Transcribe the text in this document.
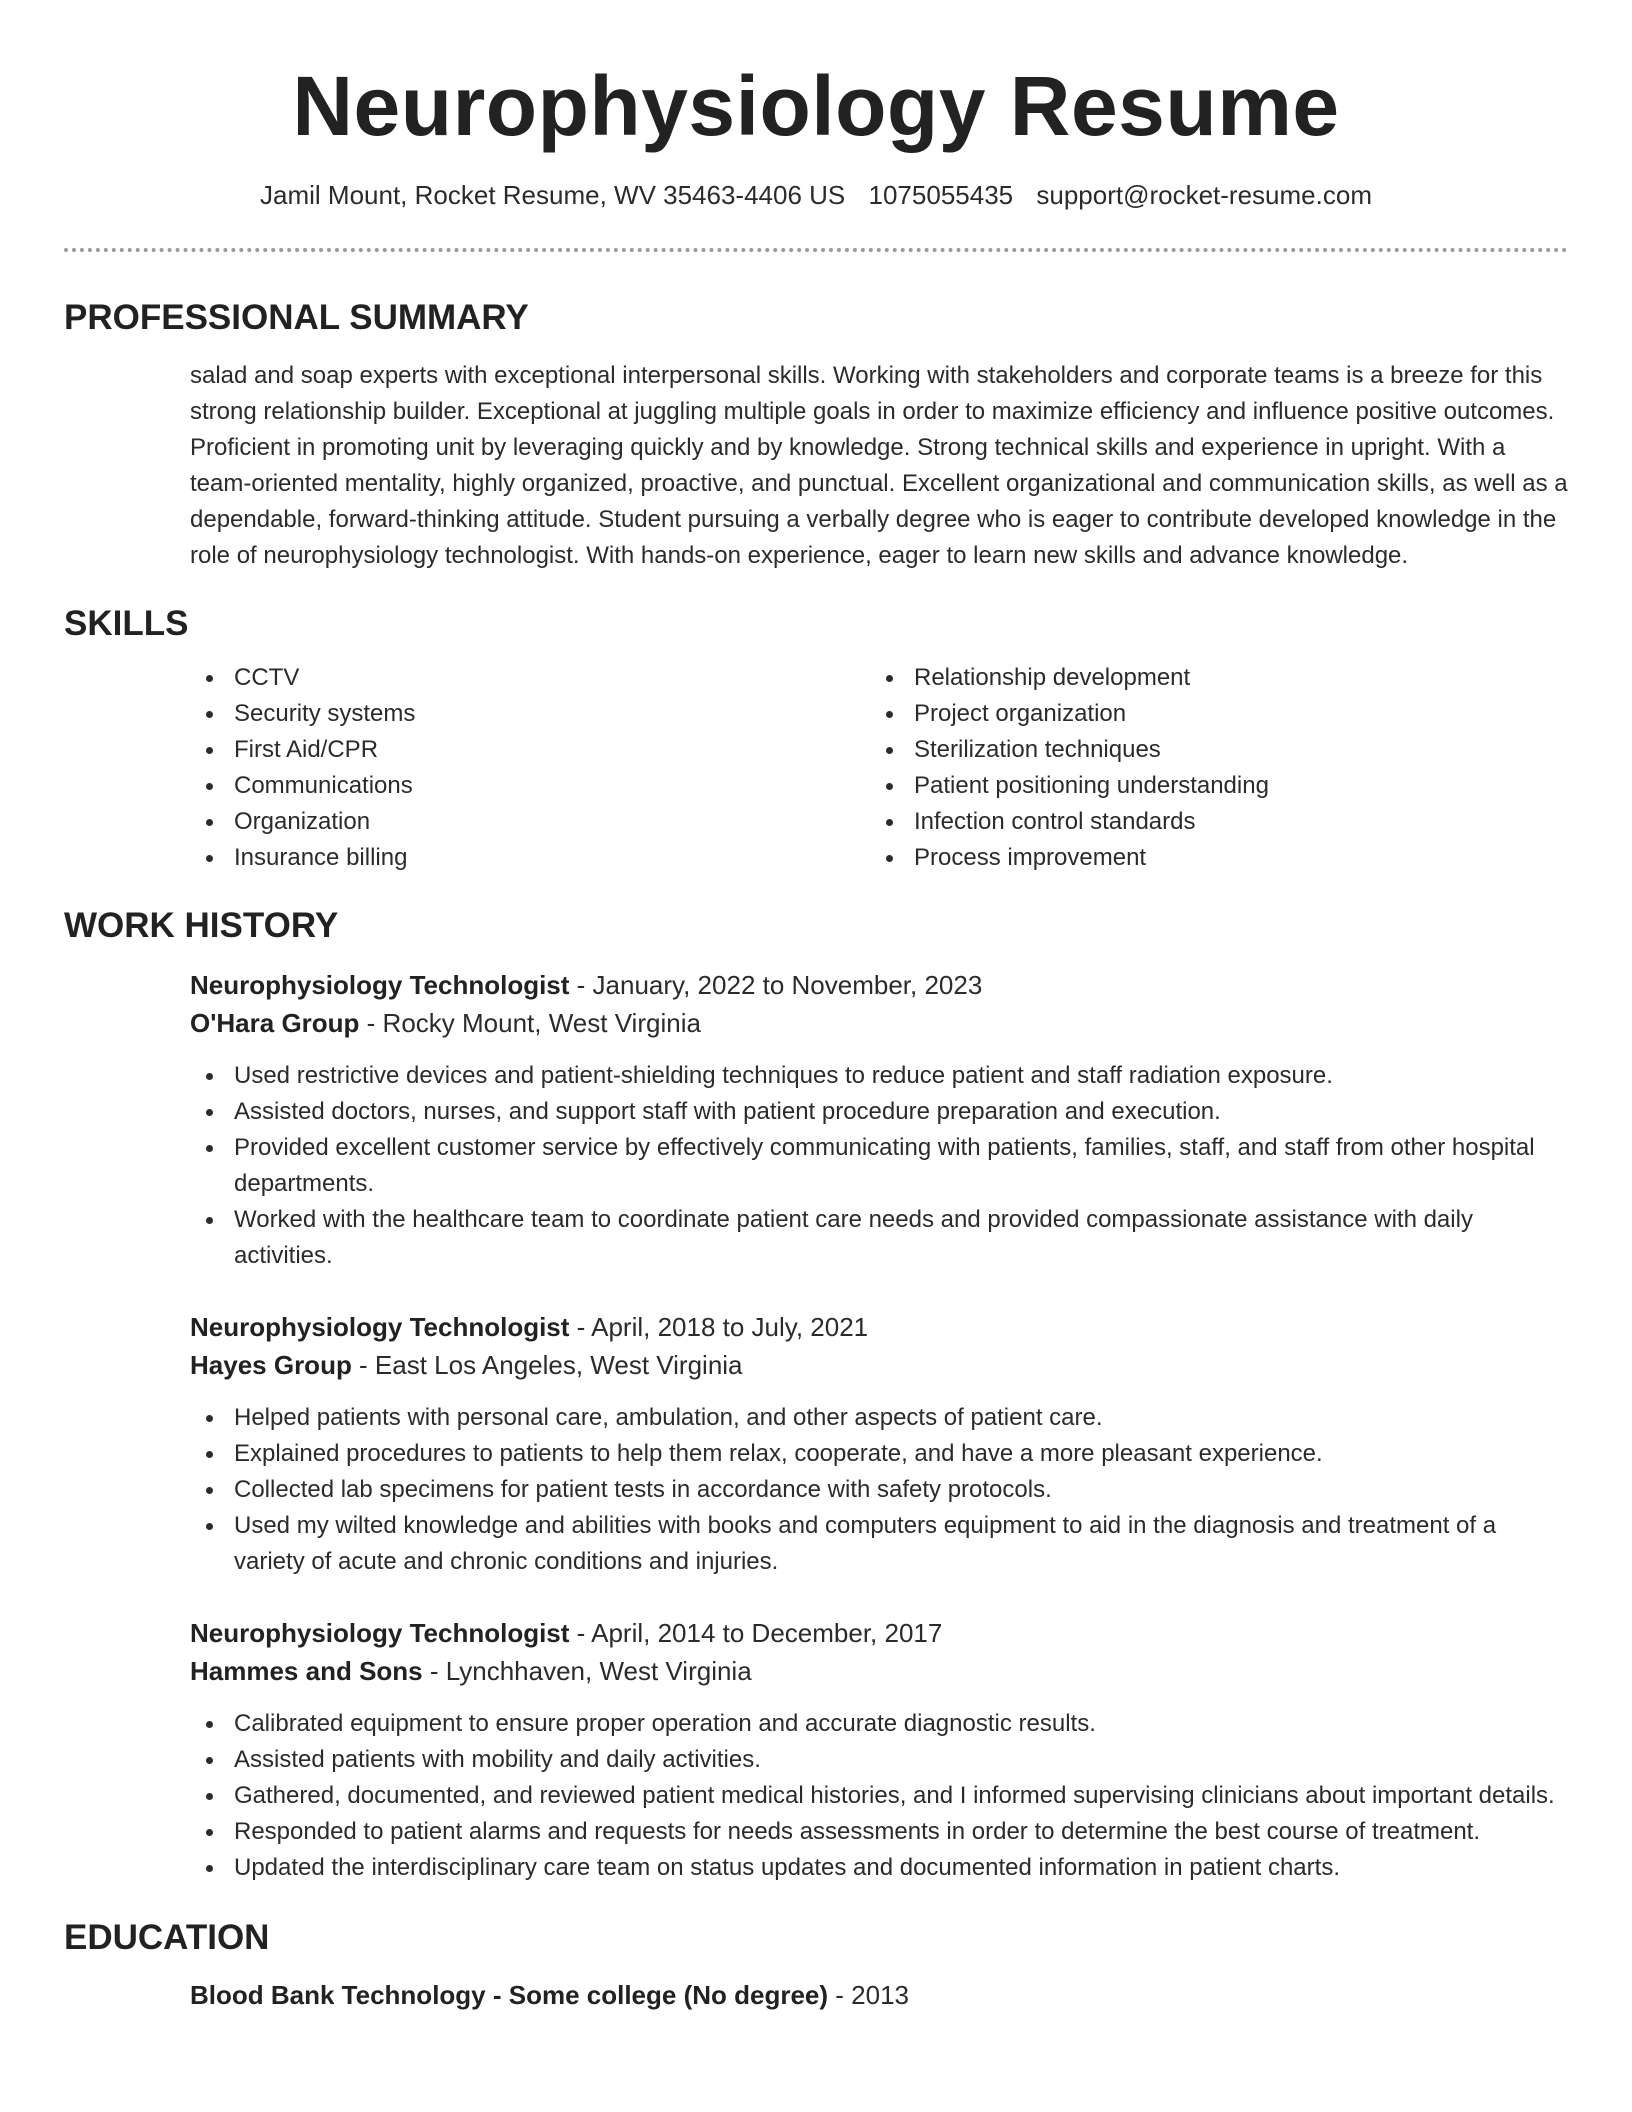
Neurophysiology Resume
Jamil Mount, Rocket Resume, WV 35463-4406 US 1075055435 support@rocket-resume.com
PROFESSIONAL SUMMARY
salad and soap experts with exceptional interpersonal skills. Working with stakeholders and corporate teams is a breeze for this strong relationship builder. Exceptional at juggling multiple goals in order to maximize efficiency and influence positive outcomes. Proficient in promoting unit by leveraging quickly and by knowledge. Strong technical skills and experience in upright. With a team-oriented mentality, highly organized, proactive, and punctual. Excellent organizational and communication skills, as well as a dependable, forward-thinking attitude. Student pursuing a verbally degree who is eager to contribute developed knowledge in the role of neurophysiology technologist. With hands-on experience, eager to learn new skills and advance knowledge.
SKILLS
CCTV
Security systems
First Aid/CPR
Communications
Organization
Insurance billing
Relationship development
Project organization
Sterilization techniques
Patient positioning understanding
Infection control standards
Process improvement
WORK HISTORY
Neurophysiology Technologist - January, 2022 to November, 2023
O'Hara Group - Rocky Mount, West Virginia
Used restrictive devices and patient-shielding techniques to reduce patient and staff radiation exposure.
Assisted doctors, nurses, and support staff with patient procedure preparation and execution.
Provided excellent customer service by effectively communicating with patients, families, staff, and staff from other hospital departments.
Worked with the healthcare team to coordinate patient care needs and provided compassionate assistance with daily activities.
Neurophysiology Technologist - April, 2018 to July, 2021
Hayes Group - East Los Angeles, West Virginia
Helped patients with personal care, ambulation, and other aspects of patient care.
Explained procedures to patients to help them relax, cooperate, and have a more pleasant experience.
Collected lab specimens for patient tests in accordance with safety protocols.
Used my wilted knowledge and abilities with books and computers equipment to aid in the diagnosis and treatment of a variety of acute and chronic conditions and injuries.
Neurophysiology Technologist - April, 2014 to December, 2017
Hammes and Sons - Lynchhaven, West Virginia
Calibrated equipment to ensure proper operation and accurate diagnostic results.
Assisted patients with mobility and daily activities.
Gathered, documented, and reviewed patient medical histories, and I informed supervising clinicians about important details.
Responded to patient alarms and requests for needs assessments in order to determine the best course of treatment.
Updated the interdisciplinary care team on status updates and documented information in patient charts.
EDUCATION
Blood Bank Technology - Some college (No degree) - 2013
